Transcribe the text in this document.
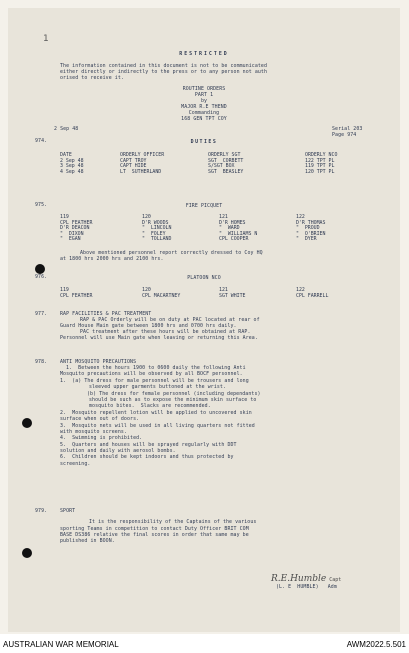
1
RESTRICTED
The information contained in this document is not to be communicated
either directly or indirectly to the press or to any person not auth
orised to receive it.
ROUTINE ORDERS
PART 1
by
MAJOR R.E THEND
Commanding
168 GEN TPT COY
2 Sep 48	Serial 203
Page 974
974.	DUTIES
DATE	ORDERLY OFFICER	ORDERLY SGT	ORDERLY NCO
2 Sep 48	CAPT TROY	SGT  CORBETT	122 TPT PL
3 Sep 48	CAPT HIDE	S/SGT BOX	119 TPT PL
4 Sep 48	LT  SUTHERLAND	SGT  BEASLEY	120 TPT PL
975.	FIRE PICQUET
119	120	121	122
CPL FEATHER	D'R WOODS	D'R HOMES	D'R THOMAS
D'R DEACON	"  LINCOLN	"  WARD	"  PROUD
"  DIXON	"  FOLEY	"  WILLIAMS N	"  O'BRIEN
"  EGAN	"  TOLLAND	CPL COOPER	"  DYER
Above mentioned personnel report correctly dressed to Coy HQ
at 1800 hrs 2000 hrs and 2100 hrs.
976.	PLATOON NCO
119	120	121	122
CPL FEATHER	CPL MACARTNEY	SGT WHITE	CPL FARRELL
977.	RAP FACILITIES & PAC TREATMENT
RAP & PAC Orderly will be on duty at PAC located at rear of
Guard House Main gate between 1800 hrs and 0700 hrs daily.
PAC treatment after these hours will be obtained at RAP.
Personnel will use Main gate when leaving or returning this Area.
978.	ANTI MOSQUITO PRECAUTIONS
1.  Between the hours 1900 to 0600 daily the following Anti
Mosquito precautions will be observed by all BOCF personnel.
1.  (a) The dress for male personnel will be trousers and long
sleeved upper garments buttoned at the wrist.
(b) The dress for female personnel (including dependants)
should be such as to expose the minimum skin surface to
mosquito bites.  Slacks are recommended.
2.  Mosquito repellent lotion will be applied to uncovered skin
surface when out of doors.
3.  Mosquito nets will be used in all living quarters not fitted
with mosquito screens.
4.  Swimming is prohibited.
5.  Quarters and houses will be sprayed regularly with DDT
solution and daily with aerosol bombs.
6.  Children should be kept indoors and thus protected by
screening.
979.	SPORT
It is the responsibility of the Captains of the various
sporting Teams in competition to contact Duty Officer BRIT COM
BASE DS386 relative the final scores in order that same may be
published in BOON.
R.E.Humble Capt
(L. E  HUMBLE)   Adm
AUSTRALIAN WAR MEMORIAL	AWM2022.5.501
